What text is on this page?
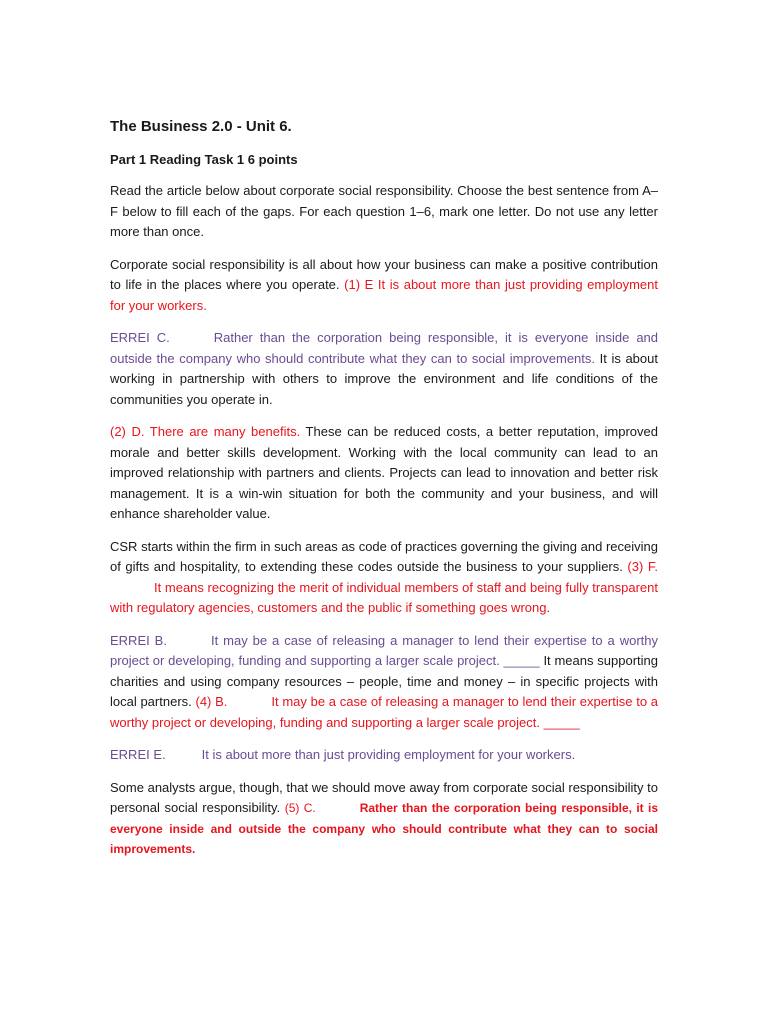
The Business 2.0 - Unit 6.
Part 1 Reading Task 1 6 points

Read the article below about corporate social responsibility. Choose the best sentence from A–F below to fill each of the gaps. For each question 1–6, mark one letter. Do not use any letter more than once.

Corporate social responsibility is all about how your business can make a positive contribution to life in the places where you operate. (1) E It is about more than just providing employment for your workers.

ERREI C.	Rather than the corporation being responsible, it is everyone inside and outside the company who should contribute what they can to social improvements. It is about working in partnership with others to improve the environment and life conditions of the communities you operate in.

(2) D. There are many benefits. These can be reduced costs, a better reputation, improved morale and better skills development. Working with the local community can lead to an improved relationship with partners and clients. Projects can lead to innovation and better risk management. It is a win-win situation for both the community and your business, and will enhance shareholder value.

CSR starts within the firm in such areas as code of practices governing the giving and receiving of gifts and hospitality, to extending these codes outside the business to your suppliers. (3) F.It means recognizing the merit of individual members of staff and being fully transparent with regulatory agencies, customers and the public if something goes wrong.

ERREI B.	It may be a case of releasing a manager to lend their expertise to a worthy project or developing, funding and supporting a larger scale project. _____ It means supporting charities and using company resources – people, time and money – in specific projects with local partners. (4) B.	It may be a case of releasing a manager to lend their expertise to a worthy project or developing, funding and supporting a larger scale project. _____

ERREI E.	It is about more than just providing employment for your workers.

Some analysts argue, though, that we should move away from corporate social responsibility to personal social responsibility. (5) C.	Rather than the corporation being responsible, it is everyone inside and outside the company who should contribute what they can to social improvements.
